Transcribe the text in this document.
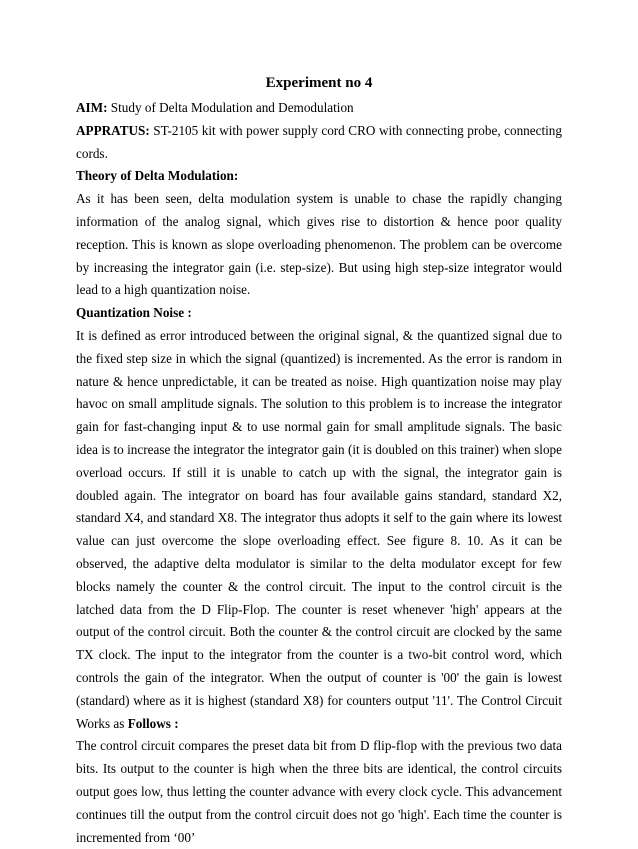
Experiment no 4

AIM: Study of Delta Modulation and Demodulation

APPRATUS: ST-2105 kit with power supply cord CRO with connecting probe, connecting cords.

Theory of Delta Modulation:

As it has been seen, delta modulation system is unable to chase the rapidly changing information of the analog signal, which gives rise to distortion & hence poor quality reception. This is known as slope overloading phenomenon. The problem can be overcome by increasing the integrator gain (i.e. step-size). But using high step-size integrator would lead to a high quantization noise.

Quantization Noise :

It is defined as error introduced between the original signal, & the quantized signal due to the fixed step size in which the signal (quantized) is incremented. As the error is random in nature & hence unpredictable, it can be treated as noise. High quantization noise may play havoc on small amplitude signals. The solution to this problem is to increase the integrator gain for fast-changing input & to use normal gain for small amplitude signals. The basic idea is to increase the integrator the integrator gain (it is doubled on this trainer) when slope overload occurs. If still it is unable to catch up with the signal, the integrator gain is doubled again. The integrator on board has four available gains standard, standard X2, standard X4, and standard X8. The integrator thus adopts it self to the gain where its lowest value can just overcome the slope overloading effect. See figure 8. 10. As it can be observed, the adaptive delta modulator is similar to the delta modulator except for few blocks namely the counter & the control circuit. The input to the control circuit is the latched data from the D Flip-Flop. The counter is reset whenever 'high' appears at the output of the control circuit. Both the counter & the control circuit are clocked by the same TX clock. The input to the integrator from the counter is a two-bit control word, which controls the gain of the integrator. When the output of counter is '00' the gain is lowest (standard) where as it is highest (standard X8) for counters output '11'. The Control Circuit Works as Follows :

The control circuit compares the preset data bit from D flip-flop with the previous two data bits. Its output to the counter is high when the three bits are identical, the control circuits output goes low, thus letting the counter advance with every clock cycle. This advancement continues till the output from the control circuit does not go 'high'. Each time the counter is incremented from ‘00’
